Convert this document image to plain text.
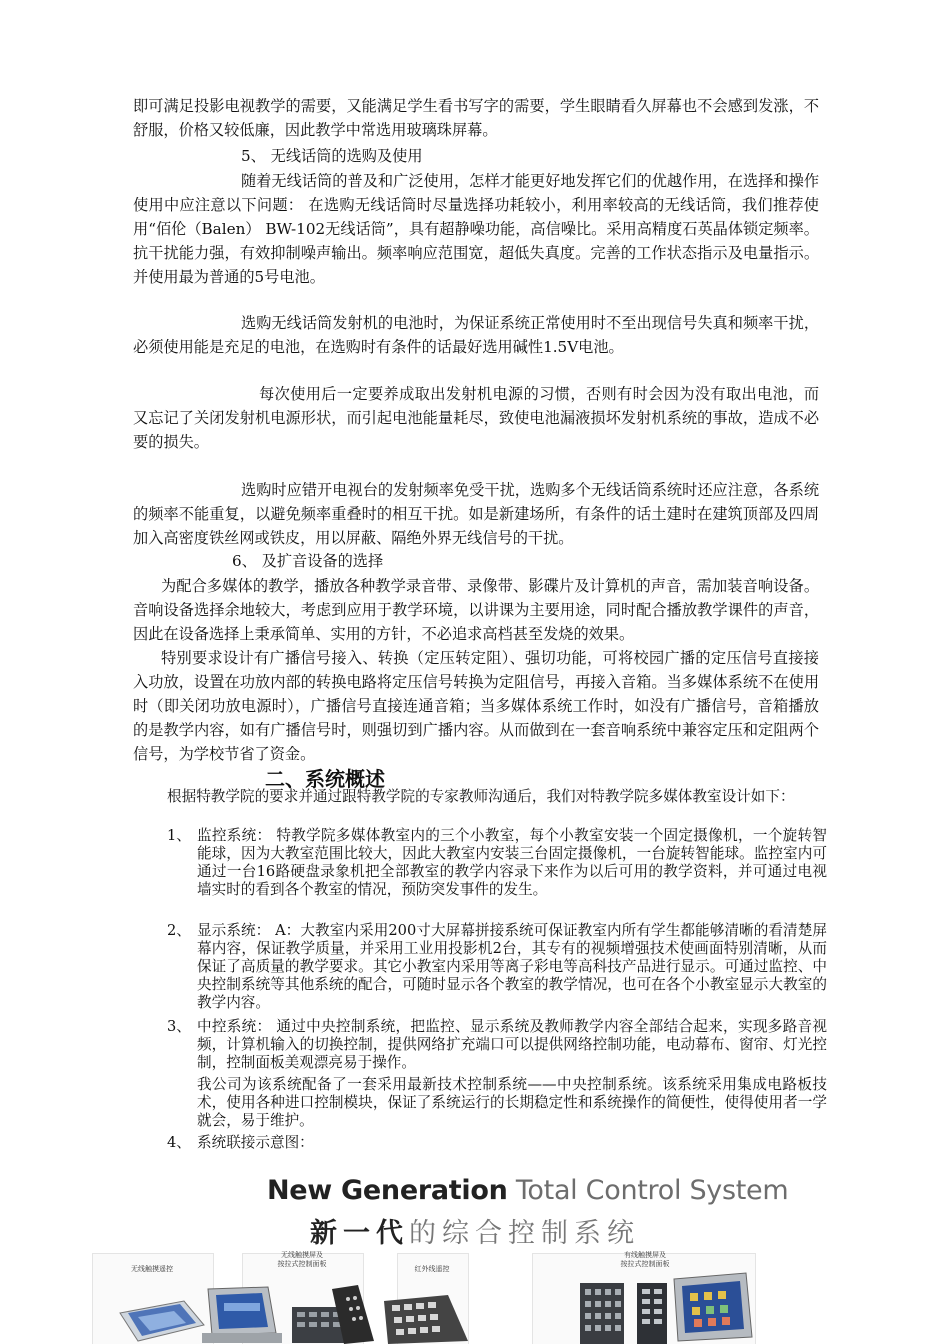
即可满足投影电视教学的需要，又能满足学生看书写字的需要，学生眼睛看久屏幕也不会感到发涨，不舒服，价格又较低廉，因此教学中常选用玻璃珠屏幕。

5、 无线话筒的选购及使用

随着无线话筒的普及和广泛使用，怎样才能更好地发挥它们的优越作用，在选择和操作使用中应注意以下问题： 在选购无线话筒时尽量选择功耗较小，利用率较高的无线话筒，我们推荐使用“佰伦（Balen） BW-102无线话筒”，具有超静噪功能，高信噪比。采用高精度石英晶体锁定频率。抗干扰能力强，有效抑制噪声输出。频率响应范围宽，超低失真度。完善的工作状态指示及电量指示。并使用最为普通的5号电池。

选购无线话筒发射机的电池时，为保证系统正常使用时不至出现信号失真和频率干扰，必须使用能是充足的电池，在选购时有条件的话最好选用碱性1.5V电池。

每次使用后一定要养成取出发射机电源的习惯，否则有时会因为没有取出电池，而又忘记了关闭发射机电源形状，而引起电池能量耗尽，致使电池漏液损坏发射机系统的事故，造成不必要的损失。

选购时应错开电视台的发射频率免受干扰，选购多个无线话筒系统时还应注意，各系统的频率不能重复，以避免频率重叠时的相互干扰。如是新建场所，有条件的话土建时在建筑顶部及四周加入高密度铁丝网或铁皮，用以屏蔽、隔绝外界无线信号的干扰。

6、 及扩音设备的选择

为配合多媒体的教学，播放各种教学录音带、录像带、影碟片及计算机的声音，需加装音响设备。音响设备选择余地较大，考虑到应用于教学环境，以讲课为主要用途，同时配合播放教学课件的声音，因此在设备选择上秉承简单、实用的方针，不必追求高档甚至发烧的效果。

特别要求设计有广播信号接入、转换（定压转定阻）、强切功能，可将校园广播的定压信号直接接入功放，设置在功放内部的转换电路将定压信号转换为定阻信号，再接入音箱。当多媒体系统不在使用时（即关闭功放电源时），广播信号直接连通音箱；当多媒体系统工作时，如没有广播信号，音箱播放的是教学内容，如有广播信号时，则强切到广播内容。从而做到在一套音响系统中兼容定压和定阻两个信号，为学校节省了资金。

二、系统概述

根据特教学院的要求并通过跟特教学院的专家教师沟通后，我们对特教学院多媒体教室设计如下：

1、 监控系统： 特教学院多媒体教室内的三个小教室，每个小教室安装一个固定摄像机，一个旋转智能球，因为大教室范围比较大，因此大教室内安装三台固定摄像机，一台旋转智能球。监控室内可通过一台16路硬盘录象机把全部教室的教学内容录下来作为以后可用的教学资料，并可通过电视墙实时的看到各个教室的情况，预防突发事件的发生。
2、 显示系统： A：大教室内采用200寸大屏幕拼接系统可保证教室内所有学生都能够清晰的看清楚屏幕内容，保证教学质量，并采用工业用投影机2台，其专有的视频增强技术使画面特别清晰，从而保证了高质量的教学要求。其它小教室内采用等离子彩电等高科技产品进行显示。可通过监控、中央控制系统等其他系统的配合，可随时显示各个教室的教学情况，也可在各个小教室显示大教室的教学内容。
3、 中控系统： 通过中央控制系统，把监控、显示系统及教师教学内容全部结合起来，实现多路音视频，计算机输入的切换控制，提供网络扩充端口可以提供网络控制功能，电动幕布、窗帘、灯光控制，控制面板美观漂亮易于操作。
我公司为该系统配备了一套采用最新技术控制系统——中央控制系统。该系统采用集成电路板技术，使用各种进口控制模块，保证了系统运行的长期稳定性和系统操作的简便性，使得使用者一学就会，易于维护。
4、 系统联接示意图：
New Generation Total Control System
新一代的综合控制系统
无线触摸遥控
无线触摸屏及
按拉式控制面板
红外线遥控
有线触摸屏及
按拉式控制面板
